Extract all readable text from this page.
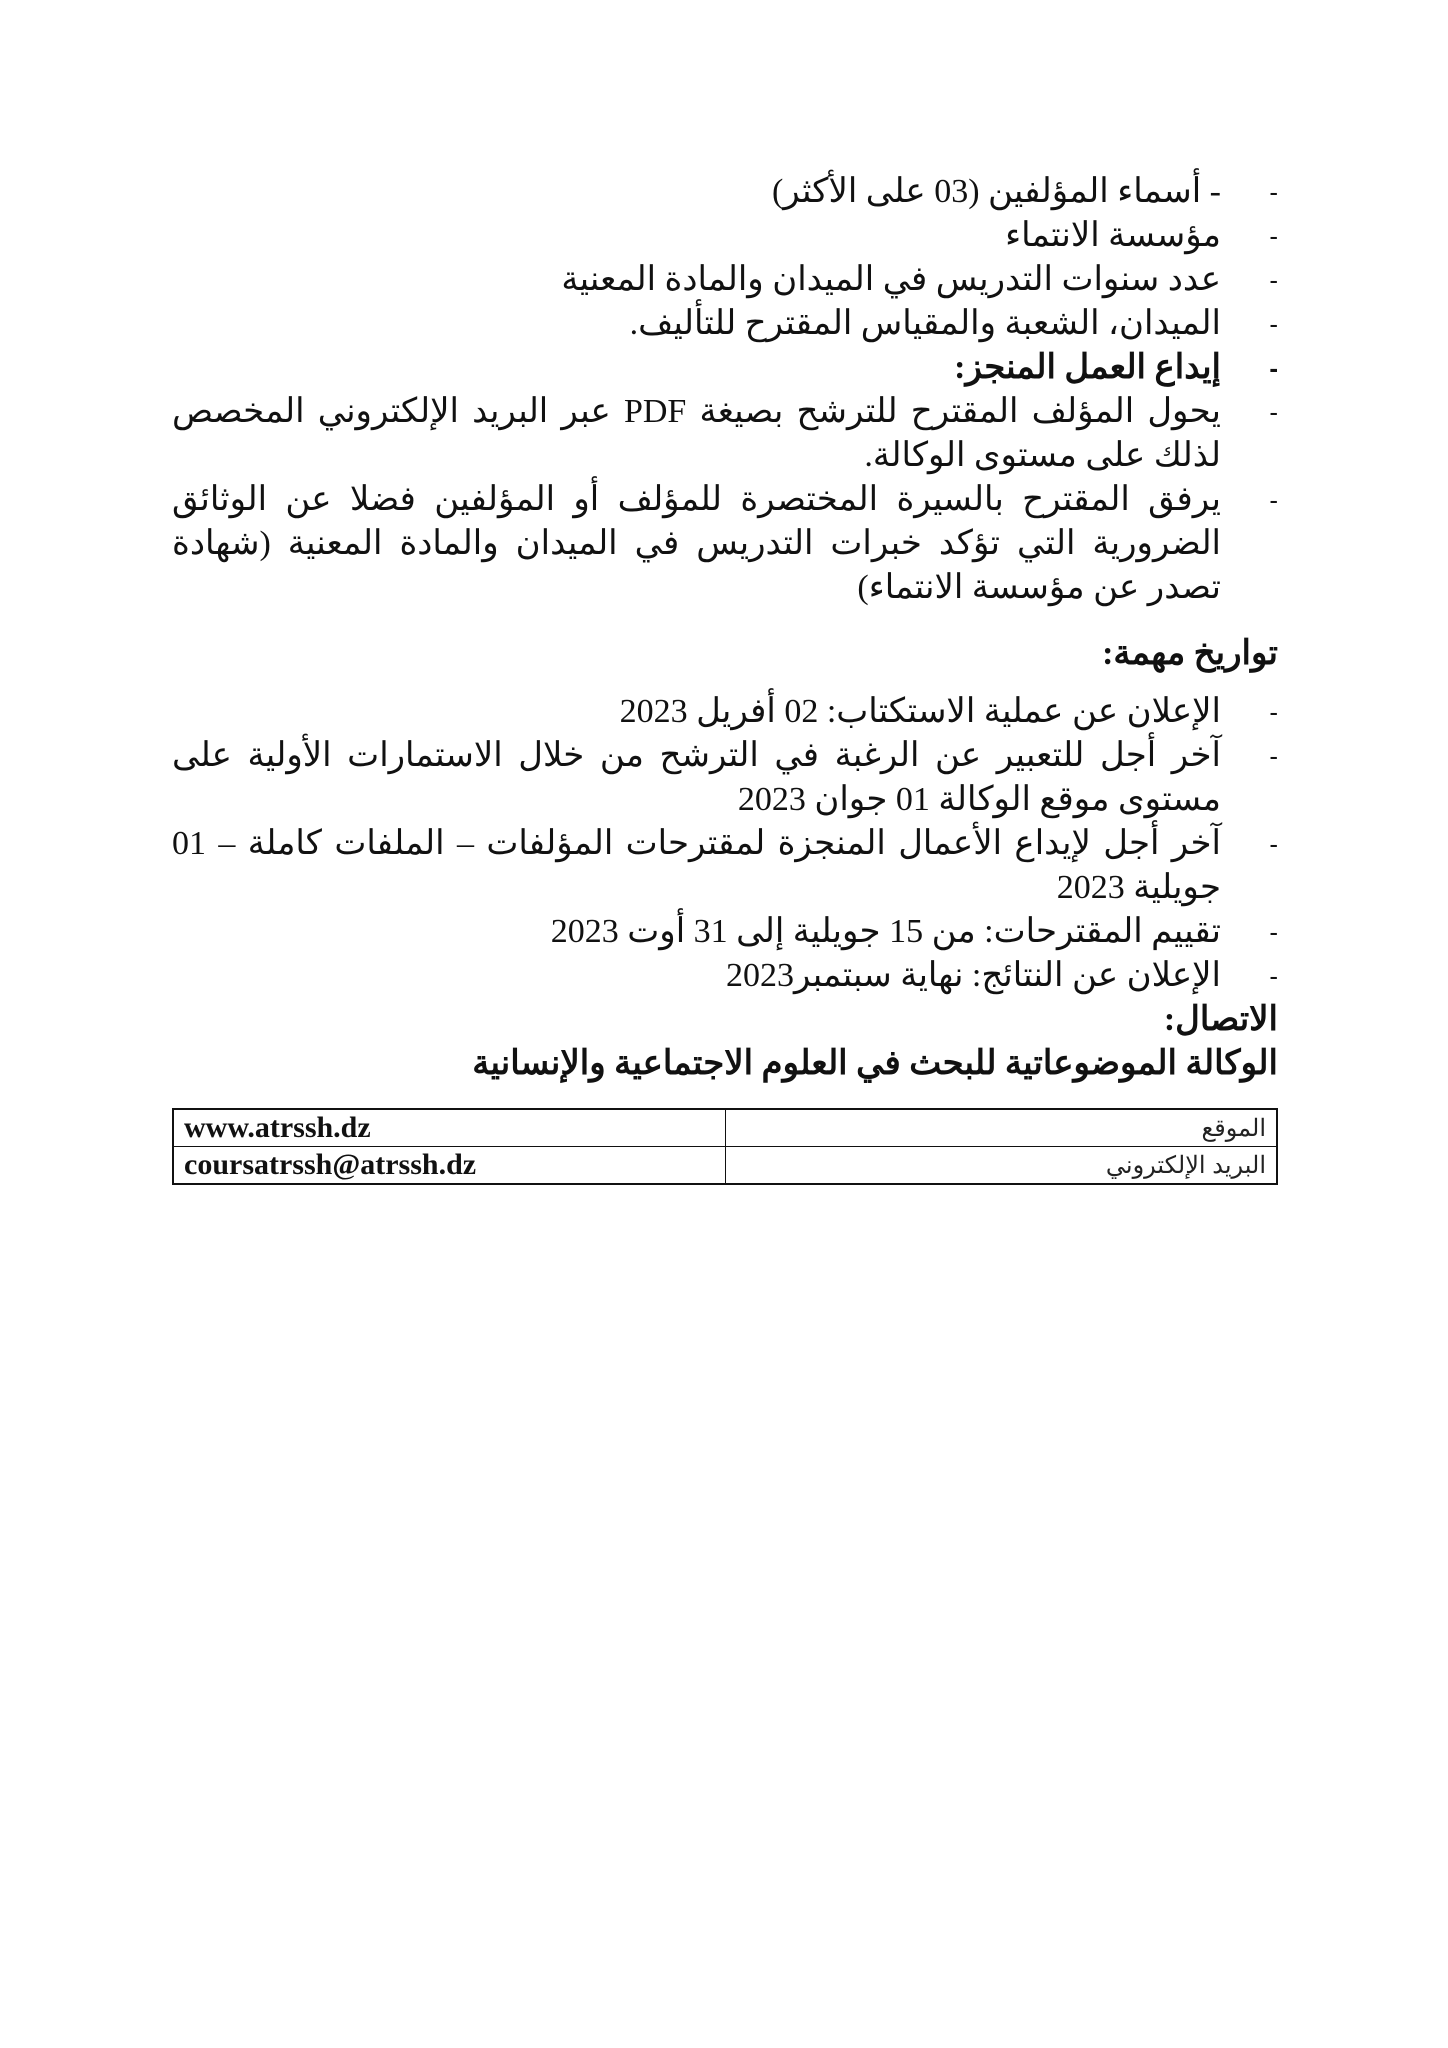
- - أسماء المؤلفين (03 على الأكثر)
- مؤسسة الانتماء
- عدد سنوات التدريس في الميدان والمادة المعنية
- الميدان، الشعبة والمقياس المقترح للتأليف.
- إيداع العمل المنجز:
- يحول المؤلف المقترح للترشح بصيغة PDF عبر البريد الإلكتروني المخصص لذلك على مستوى الوكالة.
- يرفق المقترح بالسيرة المختصرة للمؤلف أو المؤلفين فضلا عن الوثائق الضرورية التي تؤكد خبرات التدريس في الميدان والمادة المعنية (شهادة تصدر عن مؤسسة الانتماء)

تواريخ مهمة:

- الإعلان عن عملية الاستكتاب: 02 أفريل 2023
- آخر أجل للتعبير عن الرغبة في الترشح من خلال الاستمارات الأولية على مستوى موقع الوكالة 01 جوان 2023
- آخر أجل لإيداع الأعمال المنجزة لمقترحات المؤلفات – الملفات كاملة – 01 جويلية 2023
- تقييم المقترحات: من 15 جويلية إلى 31 أوت 2023
- الإعلان عن النتائج: نهاية سبتمبر2023

الاتصال:

الوكالة الموضوعاتية للبحث في العلوم الاجتماعية والإنسانية

www.atrssh.dz	الموقع
coursatrssh@atrssh.dz	البريد الإلكتروني
